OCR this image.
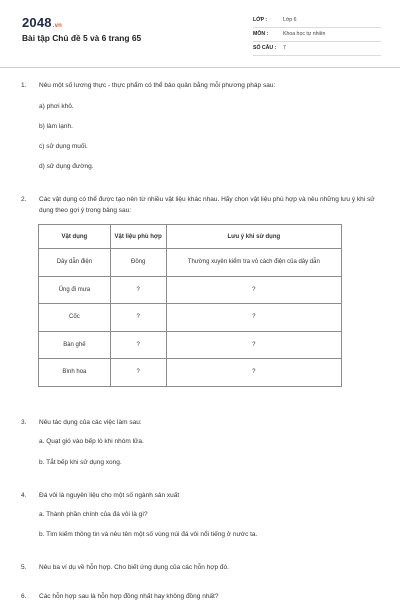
2048.vn
Bài tập Chủ đề 5 và 6 trang 65
LỚP :	Lớp 6
MÔN :	Khoa học tự nhiên
SỐ CÂU :	7
1. Nêu một số lương thực - thực phẩm có thể bảo quản bằng mỗi phương pháp sau:
a) phơi khô.
b) làm lạnh.
c) sử dụng muối.
d) sử dụng đường.
2. Các vật dụng có thể được tạo nên từ nhiều vật liệu khác nhau. Hãy chọn vật liệu phù hợp và nêu những lưu ý khi sử dụng theo gợi ý trong bảng sau:
Vật dụng	Vật liệu phù hợp	Lưu ý khi sử dụng
Dây dẫn điện	Đồng	Thường xuyên kiểm tra vỏ cách điện của dây dẫn
Ủng đi mưa	?	?
Cốc	?	?
Bàn ghế	?	?
Bình hoa	?	?
3. Nêu tác dụng của các việc làm sau:
a. Quạt gió vào bếp lò khi nhóm lửa.
b. Tắt bếp khi sử dụng xong.
4. Đá vôi là nguyên liệu cho một số ngành sản xuất
a. Thành phần chính của đá vôi là gì?
b. Tìm kiếm thông tin và nêu tên một số vùng núi đá vôi nổi tiếng ở nước ta.
5. Nêu ba ví dụ về hỗn hợp. Cho biết ứng dụng của các hỗn hợp đó.
6. Các hỗn hợp sau là hỗn hợp đồng nhất hay không đồng nhất?
